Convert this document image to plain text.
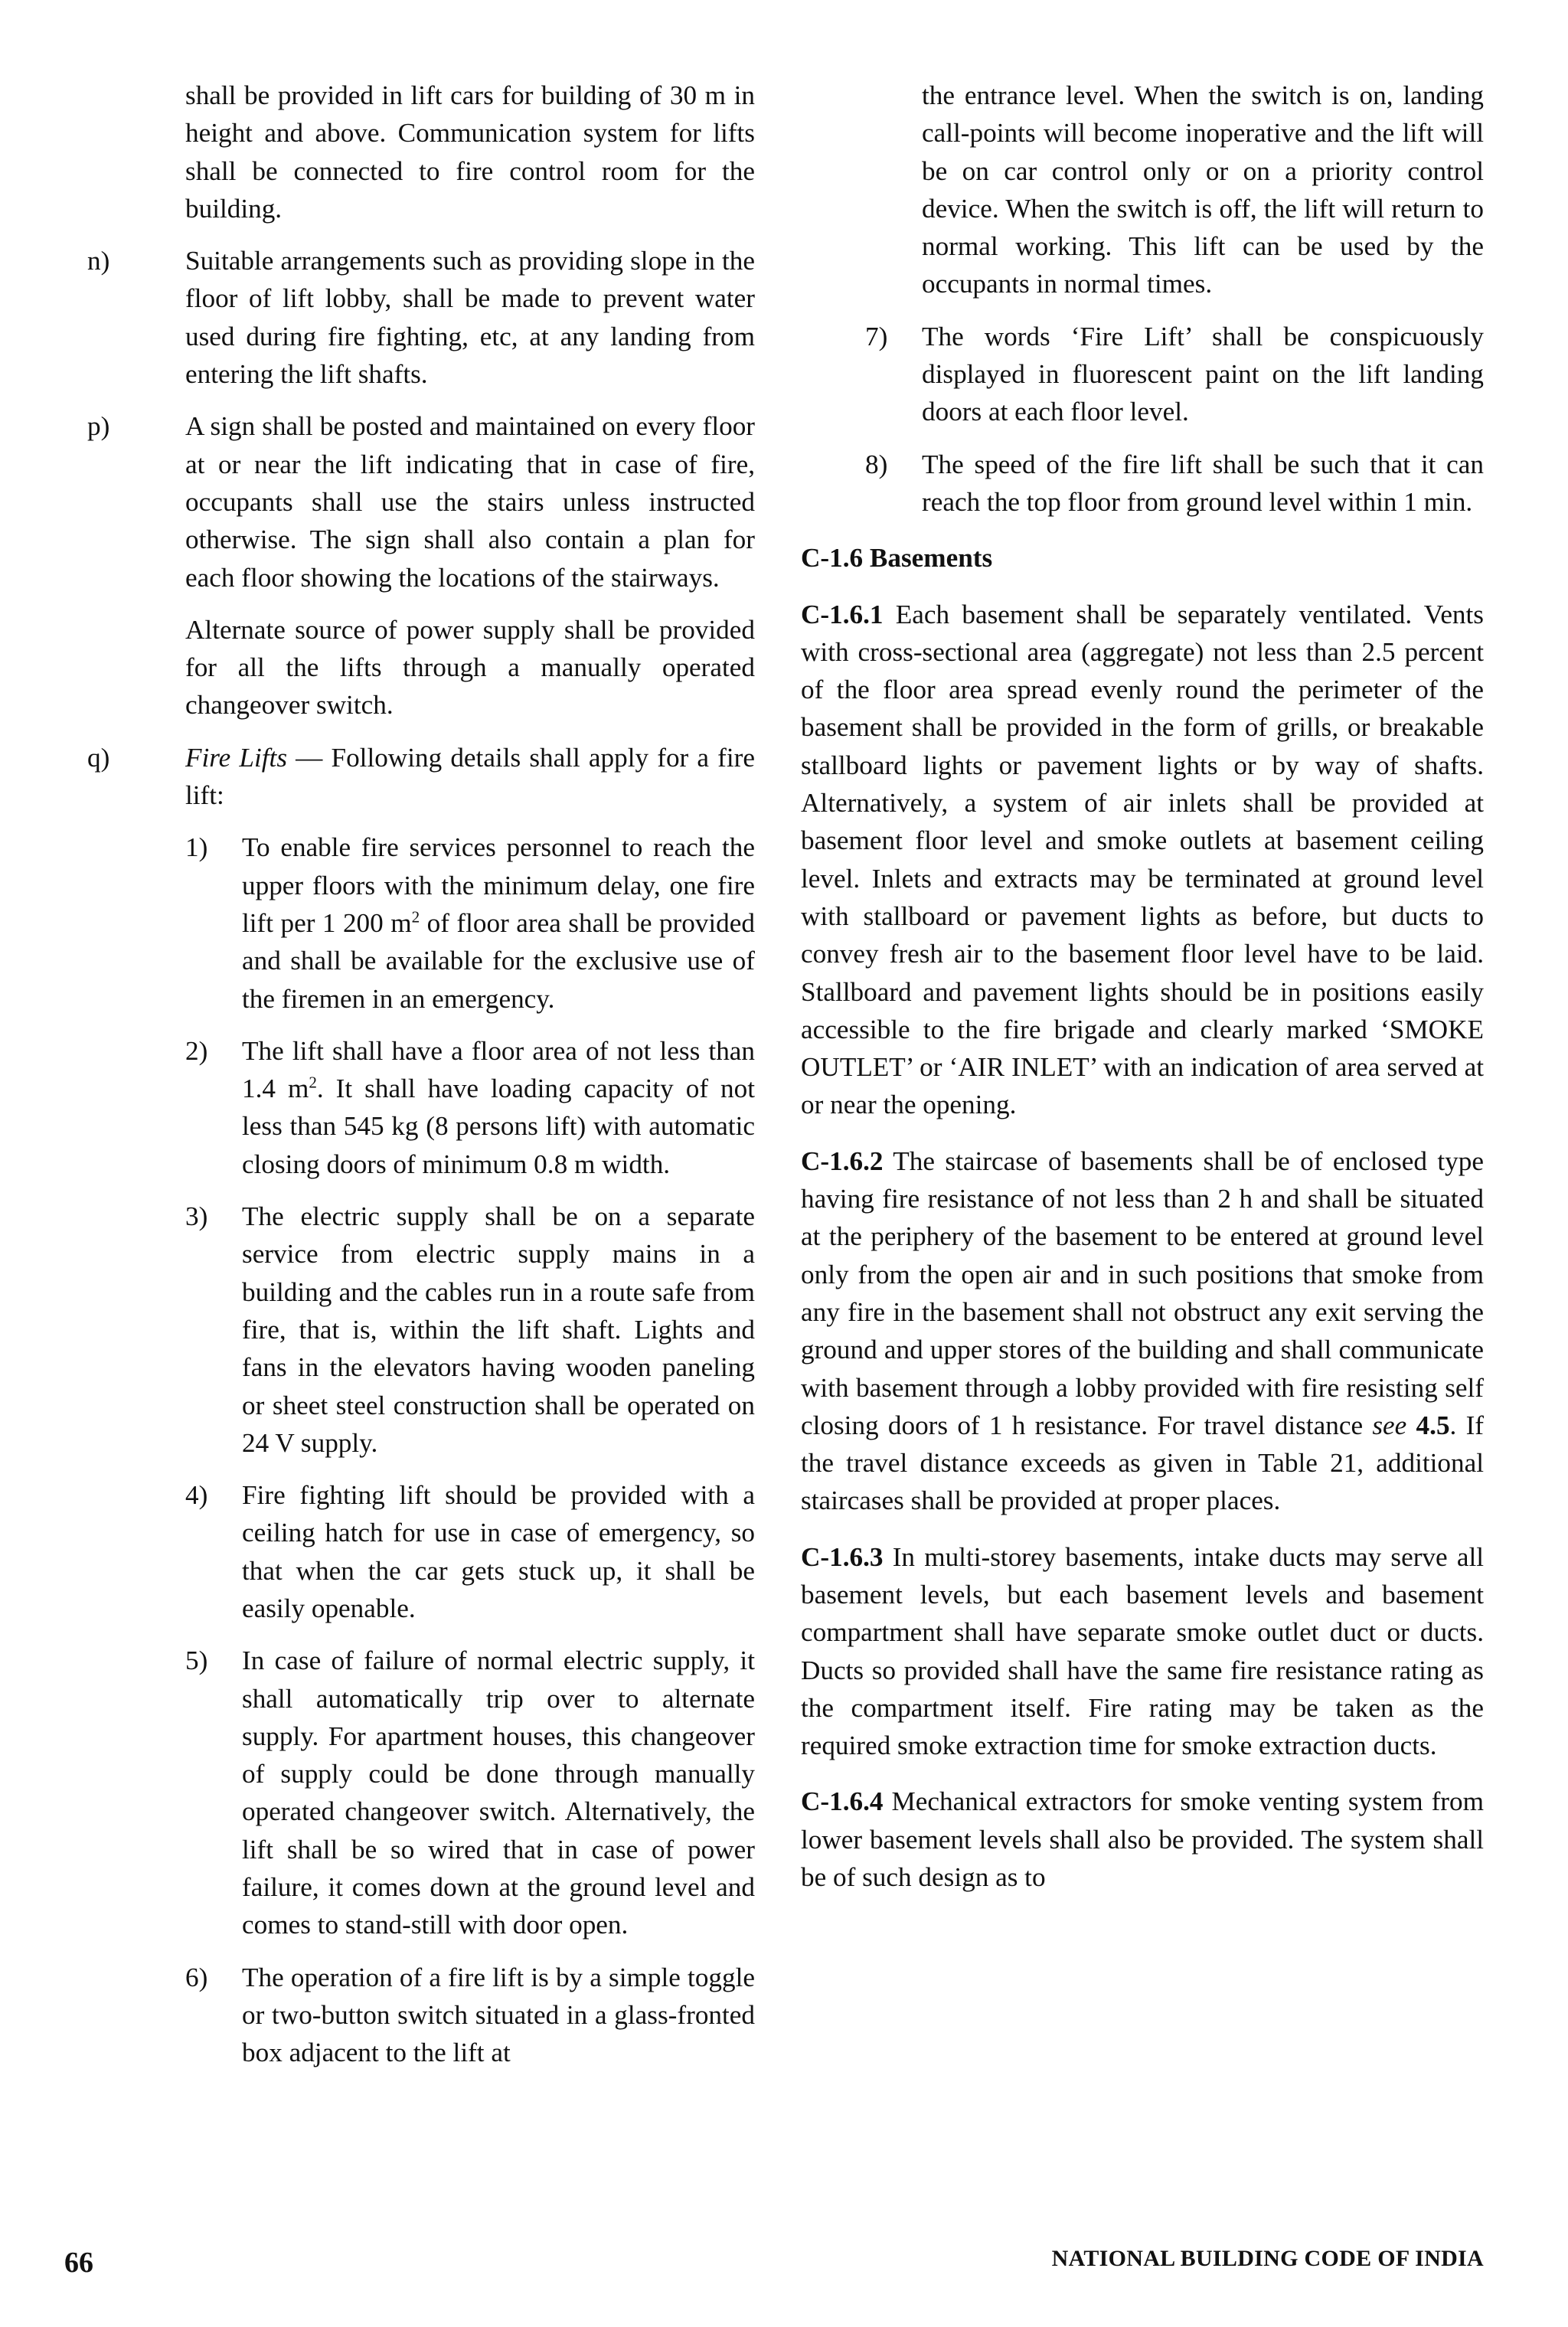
shall be provided in lift cars for building of 30 m in height and above. Communication system for lifts shall be connected to fire control room for the building.

n)	Suitable arrangements such as providing slope in the floor of lift lobby, shall be made to prevent water used during fire fighting, etc, at any landing from entering the lift shafts.

p)	A sign shall be posted and maintained on every floor at or near the lift indicating that in case of fire, occupants shall use the stairs unless instructed otherwise. The sign shall also contain a plan for each floor showing the locations of the stairways.

Alternate source of power supply shall be provided for all the lifts through a manually operated changeover switch.

q)	Fire Lifts — Following details shall apply for a fire lift:

1) To enable fire services personnel to reach the upper floors with the minimum delay, one fire lift per 1 200 $m^2$ of floor area shall be provided and shall be available for the exclusive use of the firemen in an emergency.

2) The lift shall have a floor area of not less than 1.4 $m^2$. It shall have loading capacity of not less than 545 kg (8 persons lift) with automatic closing doors of minimum 0.8 m width.

3) The electric supply shall be on a separate service from electric supply mains in a building and the cables run in a route safe from fire, that is, within the lift shaft. Lights and fans in the elevators having wooden paneling or sheet steel construction shall be operated on 24 V supply.

4) Fire fighting lift should be provided with a ceiling hatch for use in case of emergency, so that when the car gets stuck up, it shall be easily openable.

5) In case of failure of normal electric supply, it shall automatically trip over to alternate supply. For apartment houses, this changeover of supply could be done through manually operated changeover switch. Alternatively, the lift shall be so wired that in case of power failure, it comes down at the ground level and comes to stand-still with door open.

6) The operation of a fire lift is by a simple toggle or two-button switch situated in a glass-fronted box adjacent to the lift at

the entrance level. When the switch is on, landing call-points will become inoperative and the lift will be on car control only or on a priority control device. When the switch is off, the lift will return to normal working. This lift can be used by the occupants in normal times.

7) The words ‘Fire Lift’ shall be conspicuously displayed in fluorescent paint on the lift landing doors at each floor level.

8) The speed of the fire lift shall be such that it can reach the top floor from ground level within 1 min.

C-1.6 Basements

C-1.6.1 Each basement shall be separately ventilated. Vents with cross-sectional area (aggregate) not less than 2.5 percent of the floor area spread evenly round the perimeter of the basement shall be provided in the form of grills, or breakable stallboard lights or pavement lights or by way of shafts. Alternatively, a system of air inlets shall be provided at basement floor level and smoke outlets at basement ceiling level. Inlets and extracts may be terminated at ground level with stallboard or pavement lights as before, but ducts to convey fresh air to the basement floor level have to be laid. Stallboard and pavement lights should be in positions easily accessible to the fire brigade and clearly marked ‘SMOKE OUTLET’ or ‘AIR INLET’ with an indication of area served at or near the opening.

C-1.6.2 The staircase of basements shall be of enclosed type having fire resistance of not less than 2 h and shall be situated at the periphery of the basement to be entered at ground level only from the open air and in such positions that smoke from any fire in the basement shall not obstruct any exit serving the ground and upper stores of the building and shall communicate with basement through a lobby provided with fire resisting self closing doors of 1 h resistance. For travel distance see 4.5. If the travel distance exceeds as given in Table 21, additional staircases shall be provided at proper places.

C-1.6.3 In multi-storey basements, intake ducts may serve all basement levels, but each basement levels and basement compartment shall have separate smoke outlet duct or ducts. Ducts so provided shall have the same fire resistance rating as the compartment itself. Fire rating may be taken as the required smoke extraction time for smoke extraction ducts.

C-1.6.4 Mechanical extractors for smoke venting system from lower basement levels shall also be provided. The system shall be of such design as to

66	NATIONAL BUILDING CODE OF INDIA
